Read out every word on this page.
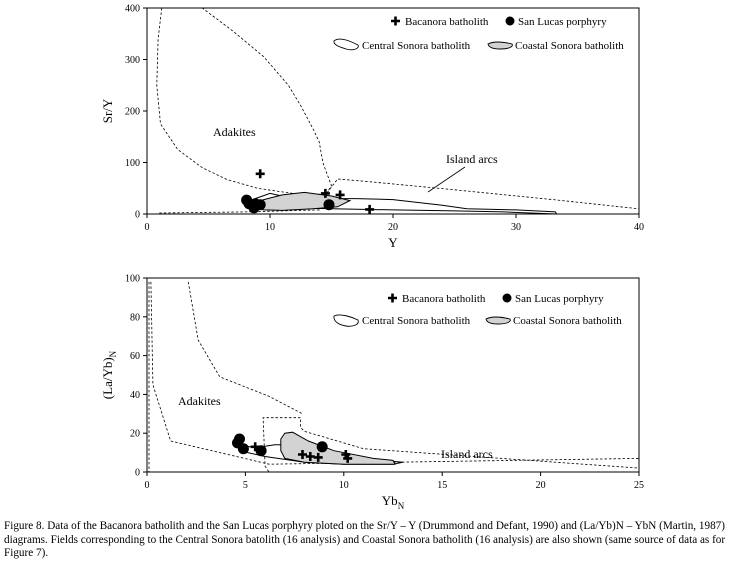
0	10	20	30	40
0
100
200
300
400
Sr/Y
Y
Adakites
Island arcs
Bacanora batholith	San Lucas porphyry
Central Sonora batholith	Coastal Sonora batholith
0	5	10	15	20	25
0
20
40
60
80
100
$(La/Yb)_N$
$Yb_N$
Adakites
Island arcs
Bacanora batholith	San Lucas porphyry
Central Sonora batholith	Coastal Sonora batholith

Figure 8. Data of the Bacanora batholith and the San Lucas porphyry ploted on the Sr/Y – Y (Drummond and Defant, 1990) and (La/Yb)N – YbN (Martin, 1987) diagrams. Fields corresponding to the Central Sonora batolith (16 analysis) and Coastal Sonora batholith (16 analysis) are also shown (same source of data as for Figure 7).
